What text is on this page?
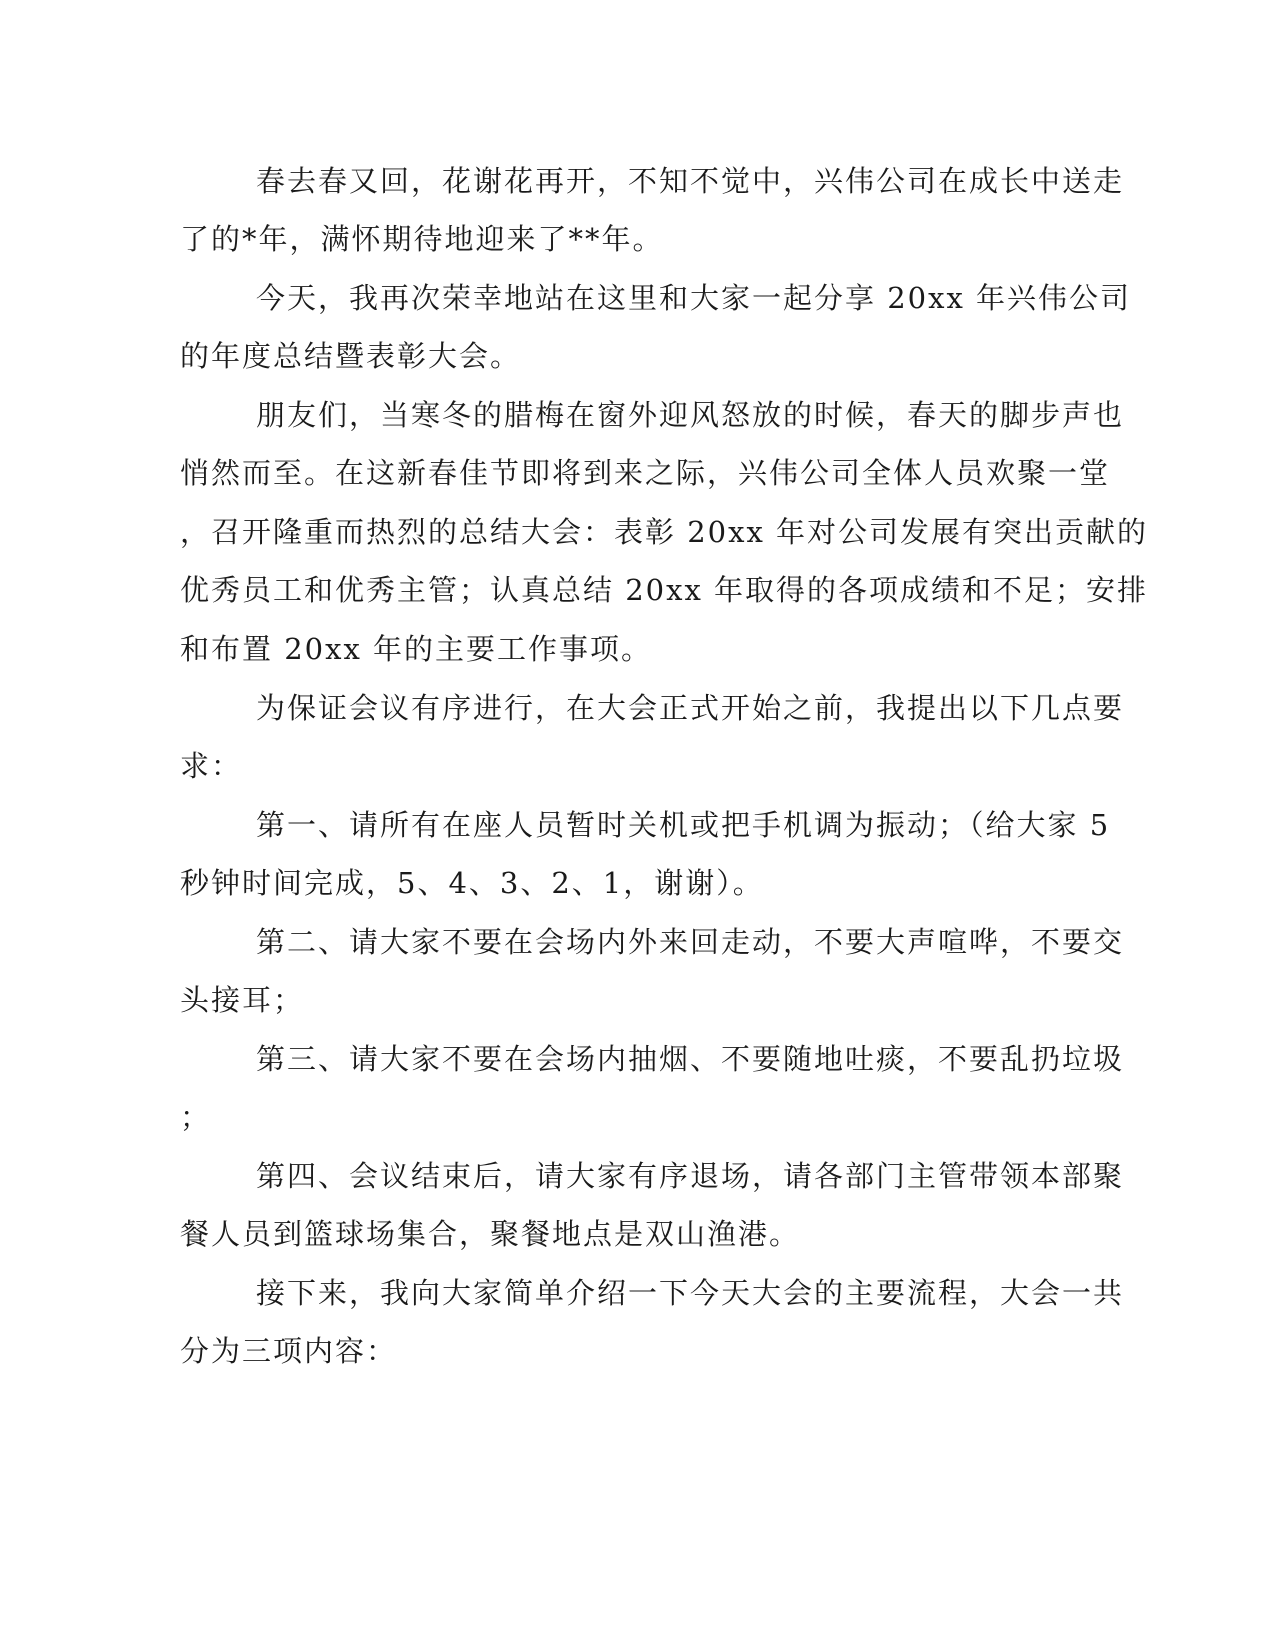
春去春又回，花谢花再开，不知不觉中，兴伟公司在成长中送走
了的*年，满怀期待地迎来了**年。
今天，我再次荣幸地站在这里和大家一起分享 20xx 年兴伟公司
的年度总结暨表彰大会。
朋友们，当寒冬的腊梅在窗外迎风怒放的时候，春天的脚步声也
悄然而至。在这新春佳节即将到来之际，兴伟公司全体人员欢聚一堂
，召开隆重而热烈的总结大会：表彰 20xx 年对公司发展有突出贡献的
优秀员工和优秀主管；认真总结 20xx 年取得的各项成绩和不足；安排
和布置 20xx 年的主要工作事项。
为保证会议有序进行，在大会正式开始之前，我提出以下几点要
求：
第一、请所有在座人员暂时关机或把手机调为振动；（给大家 5
秒钟时间完成，5、4、3、2、1，谢谢）。
第二、请大家不要在会场内外来回走动，不要大声喧哗，不要交
头接耳；
第三、请大家不要在会场内抽烟、不要随地吐痰，不要乱扔垃圾
；
第四、会议结束后，请大家有序退场，请各部门主管带领本部聚
餐人员到篮球场集合，聚餐地点是双山渔港。
接下来，我向大家简单介绍一下今天大会的主要流程，大会一共
分为三项内容：
